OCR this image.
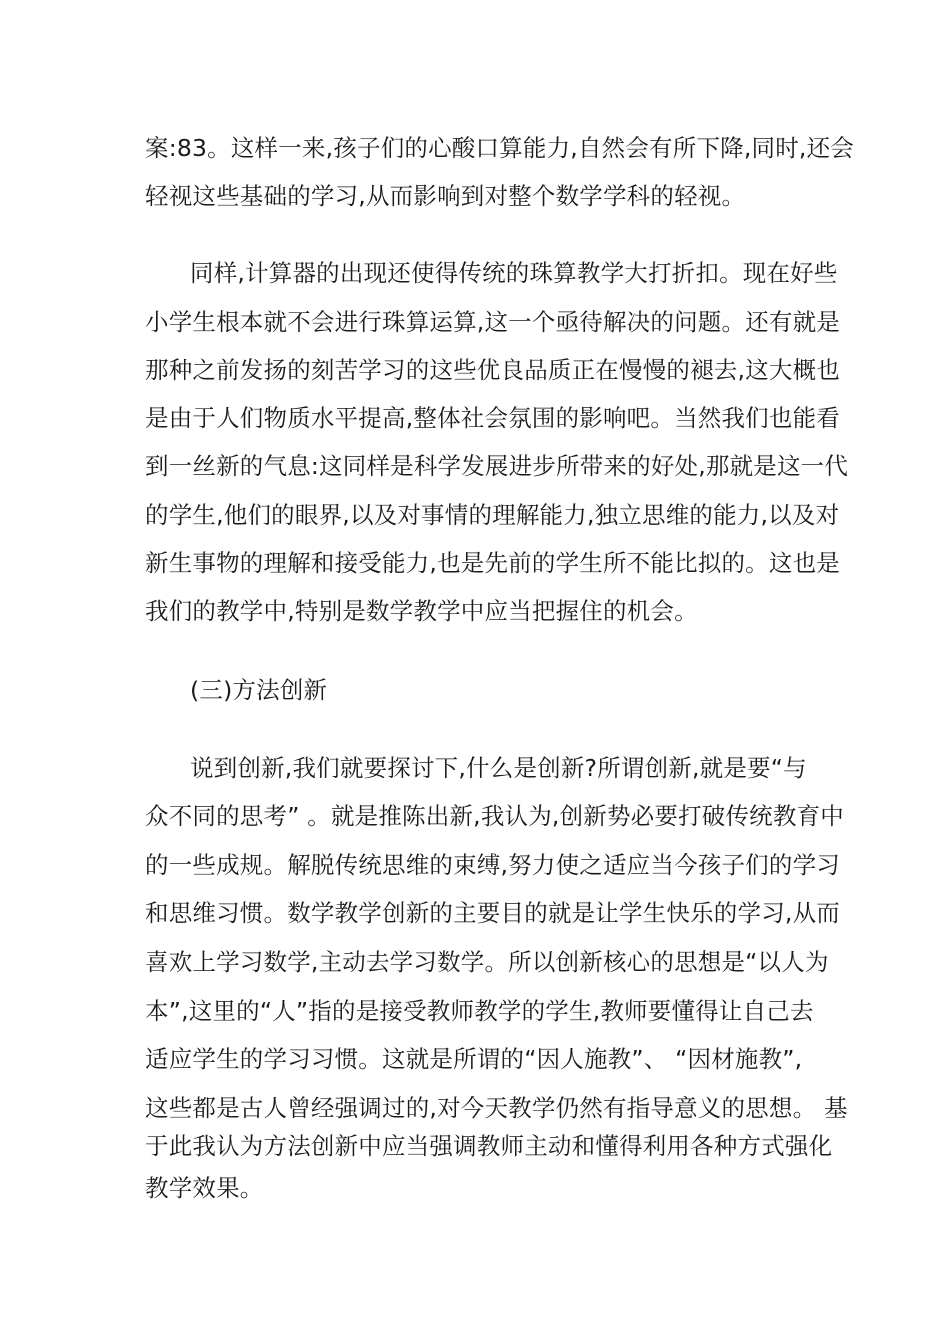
案:83。这样一来,孩子们的心酸口算能力,自然会有所下降,同时,还会
轻视这些基础的学习,从而影响到对整个数学学科的轻视。
同样,计算器的出现还使得传统的珠算教学大打折扣。现在好些
小学生根本就不会进行珠算运算,这一个亟待解决的问题。还有就是
那种之前发扬的刻苦学习的这些优良品质正在慢慢的褪去,这大概也
是由于人们物质水平提高,整体社会氛围的影响吧。当然我们也能看
到一丝新的气息:这同样是科学发展进步所带来的好处,那就是这一代
的学生,他们的眼界,以及对事情的理解能力,独立思维的能力,以及对
新生事物的理解和接受能力,也是先前的学生所不能比拟的。这也是
我们的教学中,特别是数学教学中应当把握住的机会。
(三)方法创新
说到创新,我们就要探讨下,什么是创新?所谓创新,就是要“与
众不同的思考” 。就是推陈出新,我认为,创新势必要打破传统教育中
的一些成规。解脱传统思维的束缚,努力使之适应当今孩子们的学习
和思维习惯。数学教学创新的主要目的就是让学生快乐的学习,从而
喜欢上学习数学,主动去学习数学。所以创新核心的思想是“以人为
本”,这里的“人”指的是接受教师教学的学生,教师要懂得让自己去
适应学生的学习习惯。这就是所谓的“因人施教”、 “因材施教”,
这些都是古人曾经强调过的,对今天教学仍然有指导意义的思想。 基
于此我认为方法创新中应当强调教师主动和懂得利用各种方式强化
教学效果。
